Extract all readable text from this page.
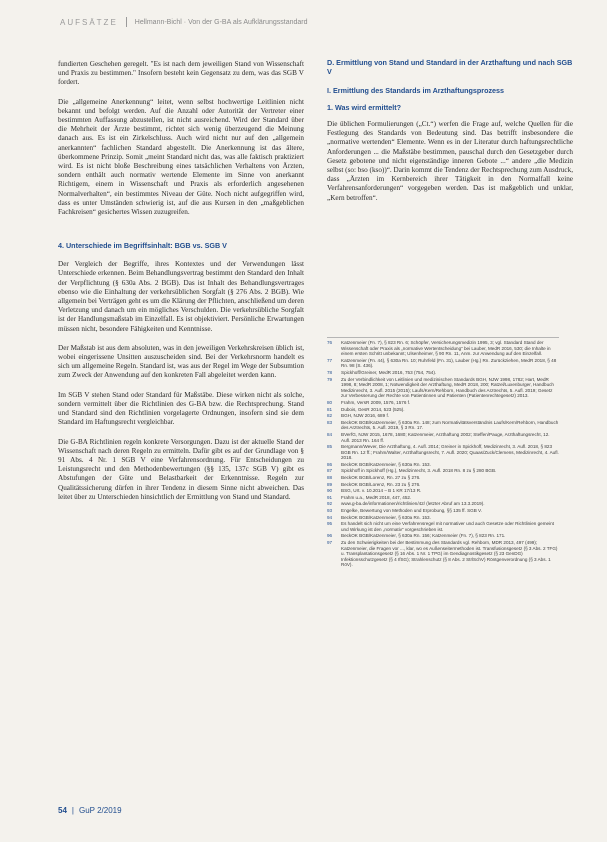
AUFSÄTZE Hellmann-Bichl · Von der G-BA als Aufklärungsstandard

fundierten Geschehen geregelt. "Es ist nach dem jeweiligen Stand von Wissenschaft und Praxis zu bestimmen." Insofern besteht kein Gegensatz zu dem, was das SGB V fordert.

Die „allgemeine Anerkennung“ leitet, wenn selbst hochwertige Leitlinien nicht bekannt und befolgt werden. Auf die Anzahl oder Autorität der Vertreter einer bestimmten Auffassung abzustellen, ist nicht ausreichend. Wird der Standard über die Mehrheit der Ärzte bestimmt, richtet sich wenig überzeugend die Meinung danach aus. Es ist ein Zirkelschluss. Auch wird nicht nur auf den „allgemein anerkannten“ fachlichen Standard abgestellt. Die Anerkennung ist das ältere, überkommene Prinzip. Somit „meint Standard nicht das, was alle faktisch praktiziert wird. Es ist nicht bloße Beschreibung eines tatsächlichen Verhaltens von Ärzten, sondern enthält auch normativ wertende Elemente im Sinne von anerkannt Richtigem, einem in Wissenschaft und Praxis als erforderlich angesehenen Normalverhalten“, ein bestimmtes Niveau der Güte. Noch nicht aufgegriffen wird, dass es unter Umständen schwierig ist, auf die aus Kursen in den „maßgeblichen Fachkreisen“ gesichertes Wissen zuzugreifen.

4. Unterschiede im Begriffsinhalt: BGB vs. SGB V

Der Vergleich der Begriffe, ihres Kontextes und der Verwendungen lässt Unterschiede erkennen. Beim Behandlungsvertrag bestimmt den Standard den Inhalt der Verpflichtung (§ 630a Abs. 2 BGB). Das ist Inhalt des Behandlungsvertrages ebenso wie die Einhaltung der verkehrsüblichen Sorgfalt (§ 276 Abs. 2 BGB). Wie allgemein bei Verträgen geht es um die Klärung der Pflichten, anschließend um deren Verletzung und danach um ein mögliches Verschulden. Die verkehrsübliche Sorgfalt ist der Handlungsmaßstab im Einzelfall. Es ist objektiviert. Persönliche Erwartungen müssen nicht, besondere Fähigkeiten und Kenntnisse.

Der Maßstab ist aus dem absoluten, was in den jeweiligen Verkehrskreisen üblich ist, wobei eingerissene Unsitten auszuscheiden sind. Bei der Verkehrsnorm handelt es sich um allgemeine Regeln. Standard ist, was aus der Regel im Wege der Subsumtion zum Zweck der Anwendung auf den konkreten Fall abgeleitet werden kann.

Im SGB V stehen Stand oder Standard für Maßstäbe. Diese wirken nicht als solche, sondern vermittelt über die Richtlinien des G-BA bzw. die Rechtsprechung. Stand und Standard sind den Richtlinien vorgelagerte Ordnungen, insofern sind sie dem Standard im Haftungsrecht vergleichbar.

Die G-BA Richtlinien regeln konkrete Versorgungen. Dazu ist der aktuelle Stand der Wissenschaft nach deren Regeln zu ermitteln. Dafür gibt es auf der Grundlage von § 91 Abs. 4 Nr. 1 SGB V eine Verfahrensordnung. Für Entscheidungen zu Leistungsrecht und den Methodenbewertungen (§§ 135, 137c SGB V) gibt es Abstufungen der Güte und Belastbarkeit der Erkenntnisse. Regeln zur Qualitätssicherung dürfen in ihrer Tendenz in diesem Sinne nicht abweichen. Das leitet über zu Unterschieden hinsichtlich der Ermittlung von Stand und Standard.

D. Ermittlung von Stand und Standard in der Arzthaftung und nach SGB V
I. Ermittlung des Standards im Arzthaftungsprozess
1. Was wird ermittelt?

Die üblichen Formulierungen („Ct.“) werfen die Frage auf, welche Quellen für die Festlegung des Standards von Bedeutung sind. Das betrifft insbesondere die „normative wertenden“ Elemente. Wenn es in der Literatur durch haftungsrechtliche Anforderungen ... die Maßstäbe bestimmen, pauschal durch den Gesetzgeber durch Gesetz gebotene und nicht eigenständige inneren Gebote ...“ andere „die Medizin selbst (so: bso (kso))“. Darin kommt die Tendenz der Rechtsprechung zum Ausdruck, dass „Ärzten im Kernbereich ihrer Tätigkeit in den Normalfall keine Verfahrensanforderungen“ vorgegeben werden. Das ist maßgeblich und unklar, „Kern betroffen“.

76	Katzenmeier (Fn. 7), § 823 Rn. 6; Schöpfer, Versicherungsmedizin 1995, 3; vgl. Standard Stand der Wissenschaft oder Praxis als „normative Wertentscheidung“ bei Lauber, MedR 2016, 530; die Inhalte in einem ersten Schritt unbekannt; Ulsenheimer, § 90 Rn. 11, Anm. zur Anwendung auf den Einzelfall.
77	Katzenmeier (Fn. 44), § 630a Rn. 10; Ruhrfeld (Fn. 31), Lauber (Hg.) Rn. Zurückziehen, MedR 2018, § 48 Rn. 98 (S. 436).
78	Spickhoff/Greiner, MedR 2016, 753 (754, 754).
79	Zu der Verbindlichkeit von Leitlinien und medizinischen Standards BGH, NJW 1998, 1782; Hart, MedR 1998, 8; MedR 2008, 1; Notwendigkeit der Arzthaftung, MedR 2018, 200; Ratzel/Luxenburger, Handbuch Medizinrecht, 3. Aufl. 2015 (2015); Laufs/Kern/Rehborn, Handbuch des Arztrechts, 5. Aufl. 2019; Gesetz zur Verbesserung der Rechte von Patientinnen und Patienten (Patientenrechtegesetz) 2013.
80	Frahm, VersR 2009, 1576, 1576 f.
81	Dubois, GesR 2014, 523 (525).
82	BGH, NJW 2016, 689 f.
83	BeckOK BGB/Katzenmeier, § 630a Rn. 148; zum Normativitätsverständnis Laufs/Kern/Rehborn, Handbuch des Arztrechts, 5. Aufl. 2019, § 3 Rn. 17.
84	BVerfG, NJW 2015, 1678, 1680; Katzenmeier, Arzthaftung 2002; Steffen/Pauge, Arzthaftungsrecht, 12. Aufl. 2013 Rn. 164 ff.
85	Bergmann/Wever, Die Arzthaftung, 4. Aufl. 2014; Greiner in Spickhoff, Medizinrecht, 3. Aufl. 2018, § 823 BGB Rn. 12 ff.; Frahm/Walter, Arzthaftungsrecht, 7. Aufl. 2020; Quaas/Zuck/Clemens, Medizinrecht, 4. Aufl. 2018.
86	BeckOK BGB/Katzenmeier, § 630a Rn. 153.
87	Spickhoff in Spickhoff (Hg.), Medizinrecht, 3. Aufl. 2018 Rn. 8 zu § 280 BGB.
88	BeckOK BGB/Lorenz, Rn. 27 zu § 276.
89	BeckOK BGB/Lorenz, Rn. 23 zu § 276.
90	BSG, Urt. v. 10.2014 – B 1 KR 17/13 R.
91	Frahm u.a., MedR 2018, 447, 452.
92	www.g-ba.de/informationen/richtlinien/42/ (letzter Abruf am 13.3.2019).
93	Engelke, Bewertung von Methoden und Erprobung, §§ 135 ff. SGB V.
94	BeckOK BGB/Katzenmeier, § 630a Rn. 153.
95	Es handelt sich nicht um eine Verfahrensregel mit normativer und auch Gesetze oder Richtlinien gemeint und Wirkung ist den „normativ“ vorgeschrieben ist.
96	BeckOK BGB/Katzenmeier, § 630a Rn. 156; Katzenmeier (Fn. 7), § 823 Rn. 171.
97	Zu den Schwierigkeiten bei der Bestimmung des Standards vgl. Rehborn, MDR 2013, 497 (499); Katzenmeier, die Fragen vor ..., klar, wo es Außenseitermethoden ist. Transfusionsgesetz (§ 3 Abs. 2 TFG) u. Transplantationsgesetz (§ 16 Abs. 1 Nr. 1 TPG) im Gendiagnostikgesetz (§ 23 GenDG) Infektionsschutzgesetz (§ 4 IfSG); Strahlenschutz (§ 8 Abs. 2 StrlSchV) Röntgenverordnung (§ 3 Abs. 1 RöV).
54 | GuP 2/2019
